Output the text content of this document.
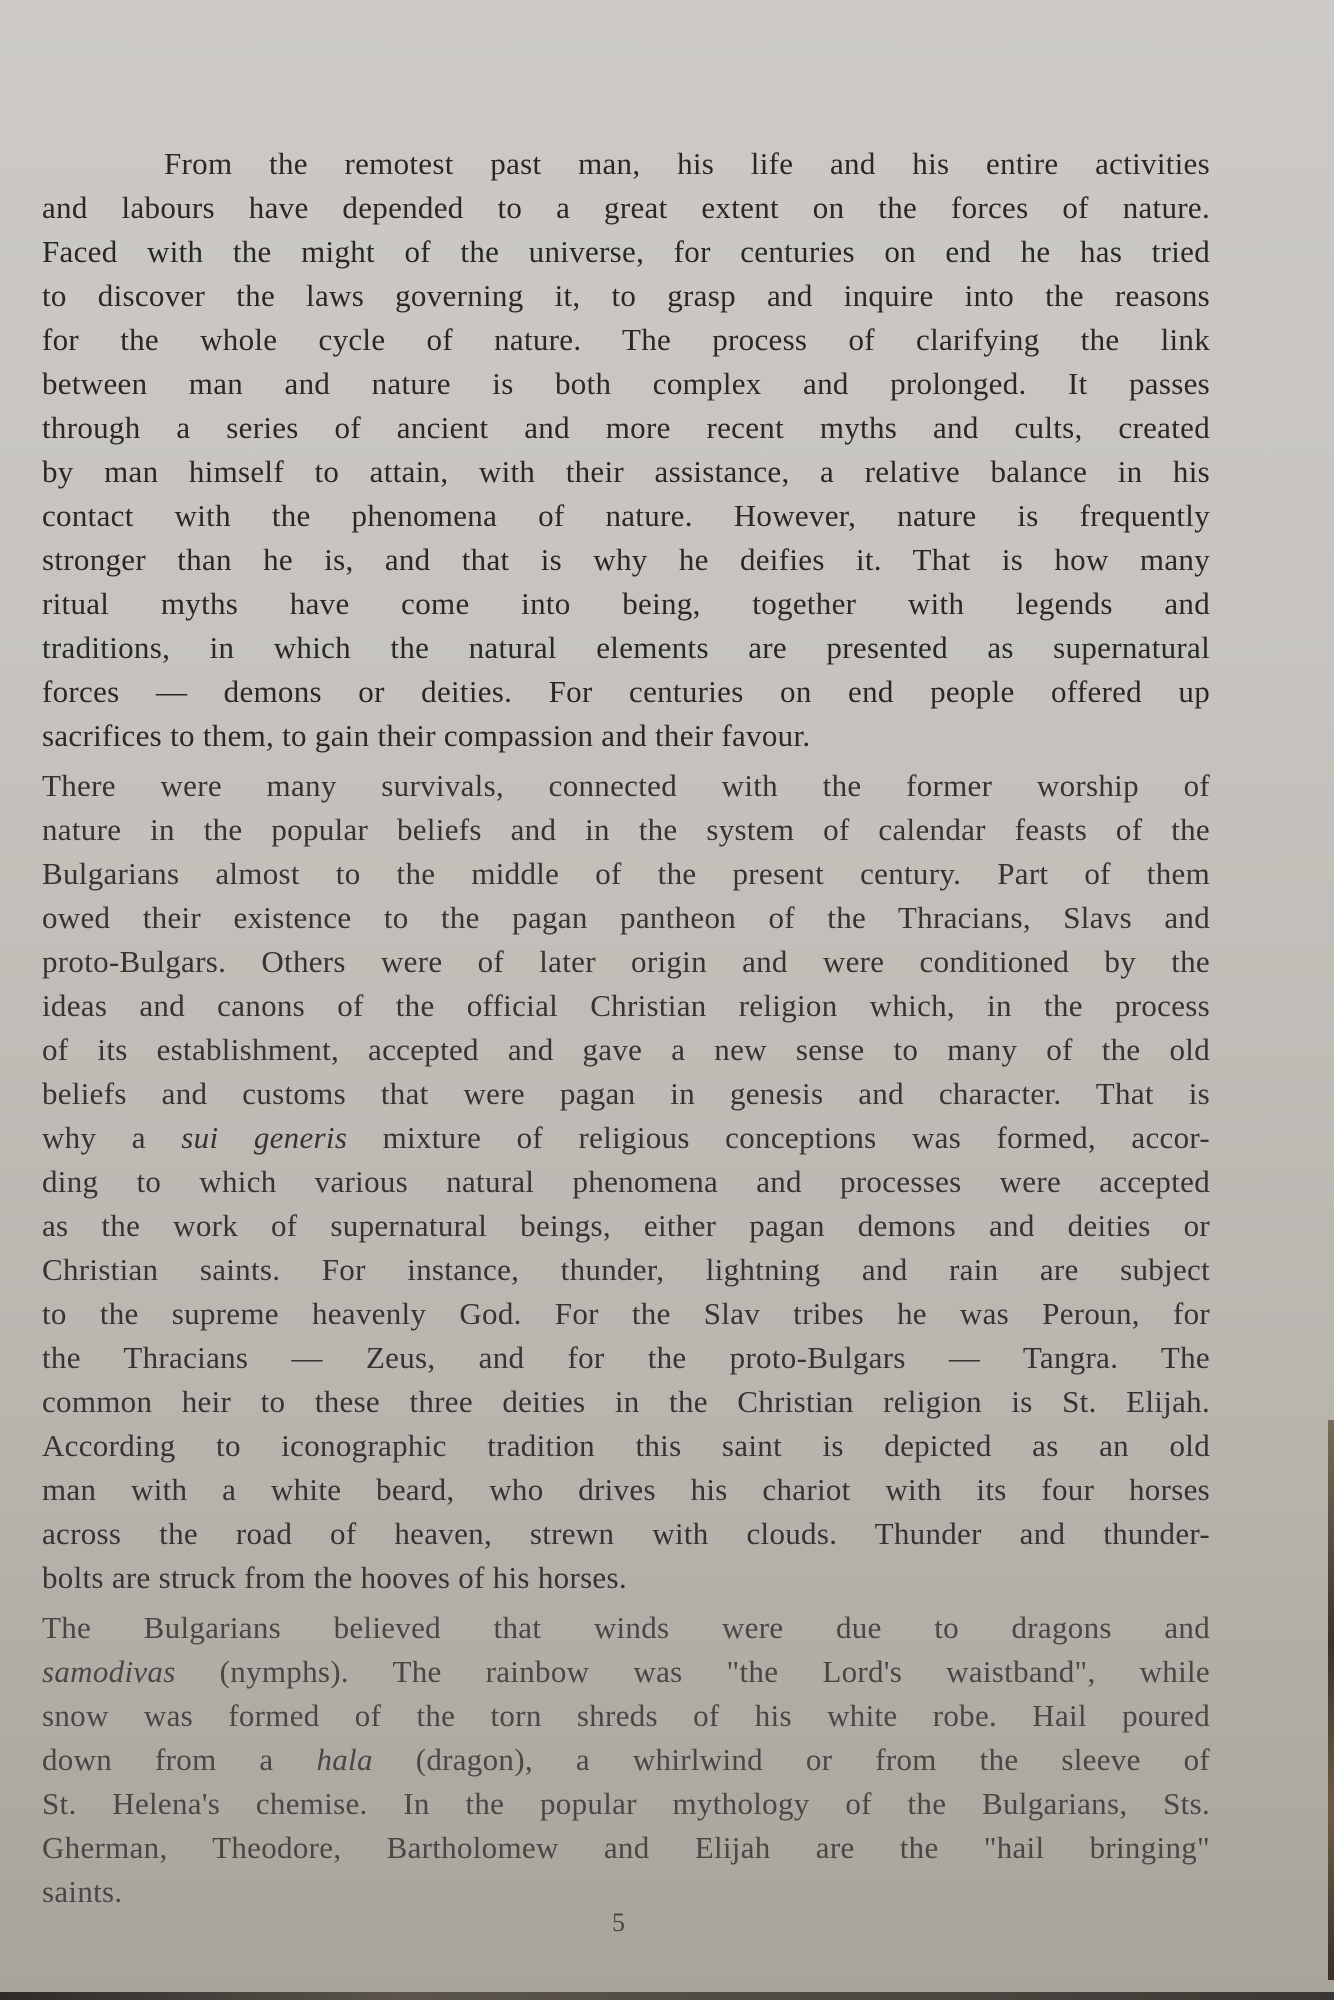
From the remotest past man, his life and his entire activities
and labours have depended to a great extent on the forces of nature.
Faced with the might of the universe, for centuries on end he has tried
to discover the laws governing it, to grasp and inquire into the reasons
for the whole cycle of nature. The process of clarifying the link
between man and nature is both complex and prolonged. It passes
through a series of ancient and more recent myths and cults, created
by man himself to attain, with their assistance, a relative balance in his
contact with the phenomena of nature. However, nature is frequently
stronger than he is, and that is why he deifies it. That is how many
ritual myths have come into being, together with legends and
traditions, in which the natural elements are presented as supernatural
forces — demons or deities. For centuries on end people offered up
sacrifices to them, to gain their compassion and their favour.
There were many survivals, connected with the former worship of
nature in the popular beliefs and in the system of calendar feasts of the
Bulgarians almost to the middle of the present century. Part of them
owed their existence to the pagan pantheon of the Thracians, Slavs and
proto-Bulgars. Others were of later origin and were conditioned by the
ideas and canons of the official Christian religion which, in the process
of its establishment, accepted and gave a new sense to many of the old
beliefs and customs that were pagan in genesis and character. That is
why a sui generis mixture of religious conceptions was formed, accor-
ding to which various natural phenomena and processes were accepted
as the work of supernatural beings, either pagan demons and deities or
Christian saints. For instance, thunder, lightning and rain are subject
to the supreme heavenly God. For the Slav tribes he was Peroun, for
the Thracians — Zeus, and for the proto-Bulgars — Tangra. The
common heir to these three deities in the Christian religion is St. Elijah.
According to iconographic tradition this saint is depicted as an old
man with a white beard, who drives his chariot with its four horses
across the road of heaven, strewn with clouds. Thunder and thunder-
bolts are struck from the hooves of his horses.
The Bulgarians believed that winds were due to dragons and
samodivas (nymphs). The rainbow was "the Lord's waistband", while
snow was formed of the torn shreds of his white robe. Hail poured
down from a hala (dragon), a whirlwind or from the sleeve of
St. Helena's chemise. In the popular mythology of the Bulgarians, Sts.
Gherman, Theodore, Bartholomew and Elijah are the "hail bringing"
saints.
5
